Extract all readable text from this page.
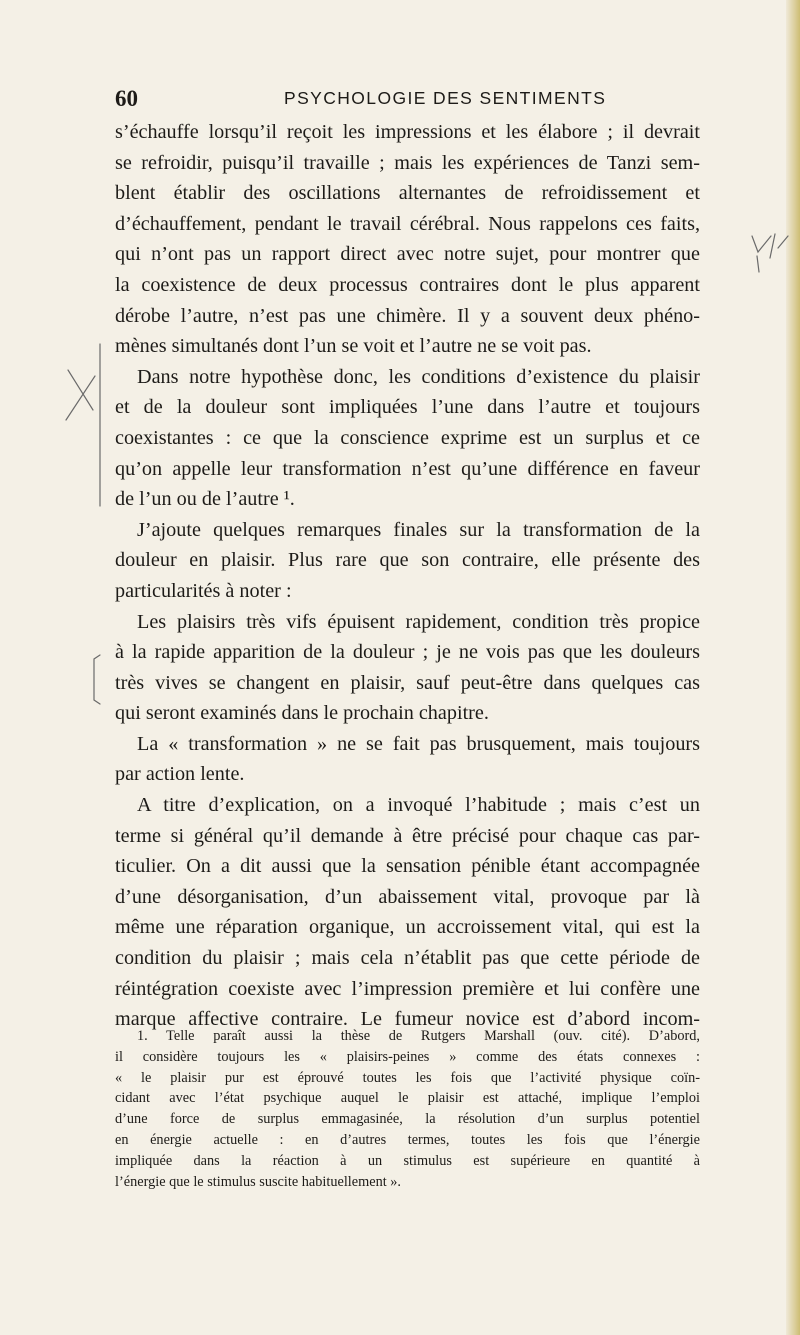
60	PSYCHOLOGIE DES SENTIMENTS
s’échauffe lorsqu’il reçoit les impressions et les élabore ; il devrait
se refroidir, puisqu’il travaille ; mais les expériences de Tanzi sem-
blent établir des oscillations alternantes de refroidissement et
d’échauffement, pendant le travail cérébral. Nous rappelons ces faits,
qui n’ont pas un rapport direct avec notre sujet, pour montrer que
la coexistence de deux processus contraires dont le plus apparent
dérobe l’autre, n’est pas une chimère. Il y a souvent deux phéno-
mènes simultanés dont l’un se voit et l’autre ne se voit pas.
Dans notre hypothèse donc, les conditions d’existence du plaisir
et de la douleur sont impliquées l’une dans l’autre et toujours
coexistantes : ce que la conscience exprime est un surplus et ce
qu’on appelle leur transformation n’est qu’une différence en faveur
de l’un ou de l’autre ¹.
J’ajoute quelques remarques finales sur la transformation de la
douleur en plaisir. Plus rare que son contraire, elle présente des
particularités à noter :
Les plaisirs très vifs épuisent rapidement, condition très propice
à la rapide apparition de la douleur ; je ne vois pas que les douleurs
très vives se changent en plaisir, sauf peut-être dans quelques cas
qui seront examinés dans le prochain chapitre.
La « transformation » ne se fait pas brusquement, mais toujours
par action lente.
A titre d’explication, on a invoqué l’habitude ; mais c’est un
terme si général qu’il demande à être précisé pour chaque cas par-
ticulier. On a dit aussi que la sensation pénible étant accompagnée
d’une désorganisation, d’un abaissement vital, provoque par là
même une réparation organique, un accroissement vital, qui est la
condition du plaisir ; mais cela n’établit pas que cette période de
réintégration coexiste avec l’impression première et lui confère une
marque affective contraire. Le fumeur novice est d’abord incom-
1. Telle paraît aussi la thèse de Rutgers Marshall (ouv. cité). D’abord,
il considère toujours les « plaisirs-peines » comme des états connexes :
« le plaisir pur est éprouvé toutes les fois que l’activité physique coïn-
cidant avec l’état psychique auquel le plaisir est attaché, implique l’emploi
d’une force de surplus emmagasinée, la résolution d’un surplus potentiel
en énergie actuelle : en d’autres termes, toutes les fois que l’énergie
impliquée dans la réaction à un stimulus est supérieure en quantité à
l’énergie que le stimulus suscite habituellement ».
